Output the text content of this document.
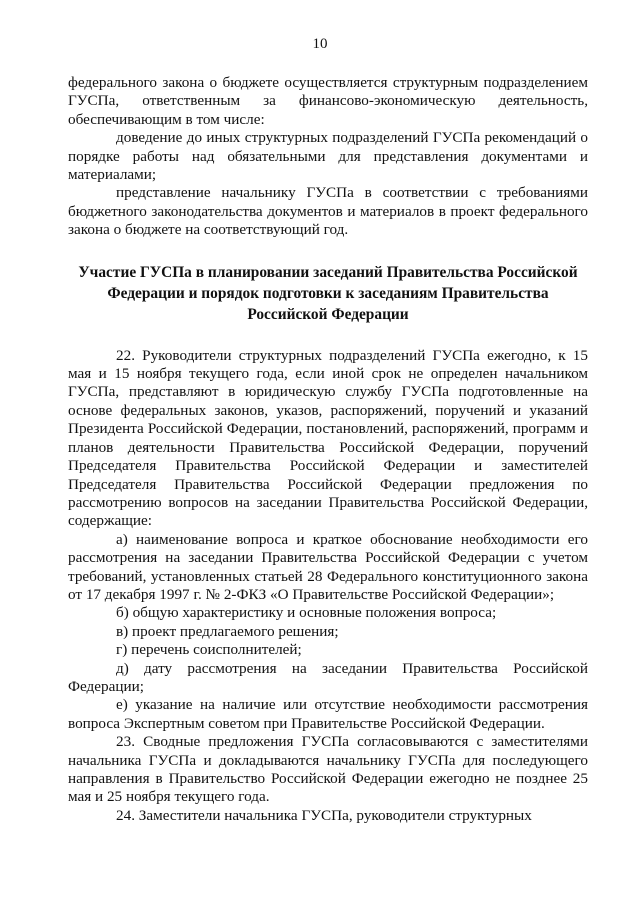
10

федерального закона о бюджете осуществляется структурным подразделением ГУСПа, ответственным за финансово-экономическую деятельность, обеспечивающим в том числе:

доведение до иных структурных подразделений ГУСПа рекомендаций о порядке работы над обязательными для представления документами и материалами;

представление начальнику ГУСПа в соответствии с требованиями бюджетного законодательства документов и материалов в проект федерального закона о бюджете на соответствующий год.

Участие ГУСПа в планировании заседаний Правительства Российской Федерации и порядок подготовки к заседаниям Правительства Российской Федерации

22. Руководители структурных подразделений ГУСПа ежегодно, к 15 мая и 15 ноября текущего года, если иной срок не определен начальником ГУСПа, представляют в юридическую службу ГУСПа подготовленные на основе федеральных законов, указов, распоряжений, поручений и указаний Президента Российской Федерации, постановлений, распоряжений, программ и планов деятельности Правительства Российской Федерации, поручений Председателя Правительства Российской Федерации и заместителей Председателя Правительства Российской Федерации предложения по рассмотрению вопросов на заседании Правительства Российской Федерации, содержащие:

а) наименование вопроса и краткое обоснование необходимости его рассмотрения на заседании Правительства Российской Федерации с учетом требований, установленных статьей 28 Федерального конституционного закона от 17 декабря 1997 г. № 2-ФКЗ «О Правительстве Российской Федерации»;

б) общую характеристику и основные положения вопроса;

в) проект предлагаемого решения;

г) перечень соисполнителей;

д) дату рассмотрения на заседании Правительства Российской Федерации;

е) указание на наличие или отсутствие необходимости рассмотрения вопроса Экспертным советом при Правительстве Российской Федерации.

23. Сводные предложения ГУСПа согласовываются с заместителями начальника ГУСПа и докладываются начальнику ГУСПа для последующего направления в Правительство Российской Федерации ежегодно не позднее 25 мая и 25 ноября текущего года.

24. Заместители начальника ГУСПа, руководители структурных
